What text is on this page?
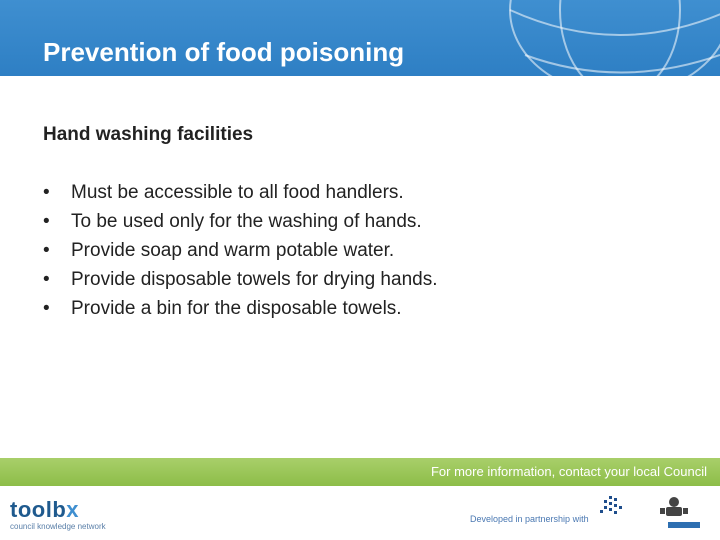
Prevention of food poisoning
Hand washing facilities
• Must be accessible to all food handlers.
• To be used only for the washing of hands.
• Provide soap and warm potable water.
• Provide disposable towels for drying hands.
• Provide a bin for the disposable towels.
For more information, contact your local Council
toolbx
council knowledge network
Developed in partnership with
